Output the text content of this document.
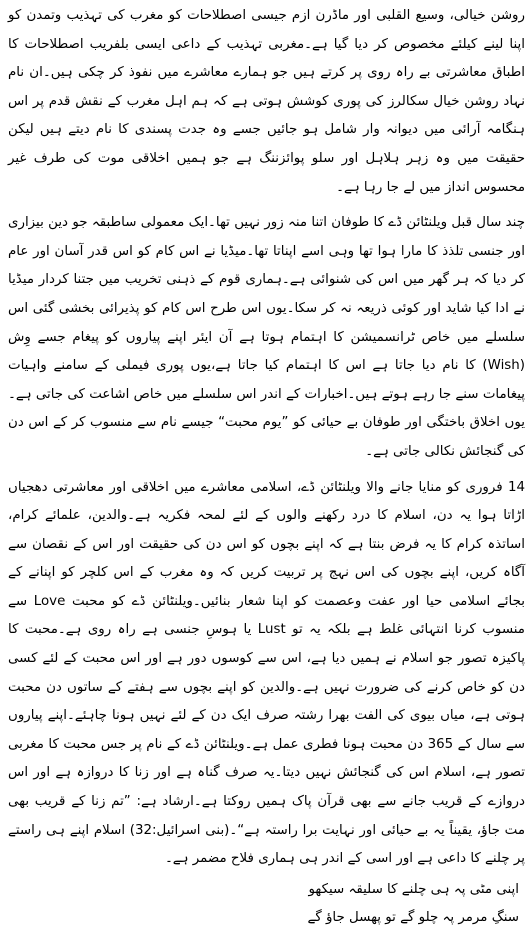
روشن خیالی، وسیع القلبی اور ماڈرن ازم جیسی اصطلاحات کو مغرب کی تہذیب وتمدن کو اپنا لینے کیلئے مخصوص کر دیا گیا ہے۔مغربی تہذیب کے داعی ایسی بلفریب اصطلاحات کا اطباق معاشرتی بے راہ روی پر کرتے ہیں جو ہمارے معاشرے میں نفوذ کر چکی ہیں۔ان نام نہاد روشن خیال سکالرز کی پوری کوشش ہوتی ہے کہ ہم اہل مغرب کے نقش قدم پر اس ہنگامہ آرائی میں دیوانہ وار شامل ہو جائیں جسے وہ جدت پسندی کا نام دیتے ہیں لیکن حقیقت میں وہ زہر ہلاہل اور سلو پوائزننگ ہے جو ہمیں اخلاقی موت کی طرف غیر محسوس انداز میں لے جا رہا ہے۔

چند سال قبل ویلنٹائن ڈے کا طوفان اتنا منہ زور نہیں تھا۔ایک معمولی ساطبقہ جو دین بیزاری اور جنسی تلذذ کا مارا ہوا تھا وہی اسے اپناتا تھا۔میڈیا نے اس کام کو اس قدر آسان اور عام کر دیا کہ ہر گھر میں اس کی شنوائی ہے۔ہماری قوم کے ذہنی تخریب میں جتنا کردار میڈیا نے ادا کیا شاید اور کوئی ذریعہ نہ کر سکا۔یوں اس طرح اس کام کو پذیرائی بخشی گئی اس سلسلے میں خاص ٹرانسمیشن کا اہتمام ہوتا ہے آن ایئر اپنے پیاروں کو پیغام جسے وِش (Wish) کا نام دیا جاتا ہے اس کا اہتمام کیا جاتا ہے،یوں پوری فیملی کے سامنے واہیات پیغامات سنے جا رہے ہوتے ہیں۔اخبارات کے اندر اس سلسلے میں خاص اشاعت کی جاتی ہے۔یوں اخلاق باختگی اور طوفان بے حیائی کو ”یوم محبت“ جیسے نام سے منسوب کر کے اس دن کی گنجائش نکالی جاتی ہے۔

14 فروری کو منایا جانے والا ویلنٹائن ڈے، اسلامی معاشرے میں اخلاقی اور معاشرتی دھجیاں اڑاتا ہوا یہ دن، اسلام کا درد رکھنے والوں کے لئے لمحہ فکریہ ہے۔والدین، علمائے کرام، اساتذہ کرام کا یہ فرض بنتا ہے کہ اپنے بچوں کو اس دن کی حقیقت اور اس کے نقصان سے آگاہ کریں، اپنے بچوں کی اس نہج پر تربیت کریں کہ وہ مغرب کے اس کلچر کو اپنانے کے بجائے اسلامی حیا اور عفت وعصمت کو اپنا شعار بنائیں۔ویلنٹائن ڈے کو محبت Love سے منسوب کرنا انتہائی غلط ہے بلکہ یہ تو Lust یا ہوسِ جنسی ہے راہ روی ہے۔محبت کا پاکیزہ تصور جو اسلام نے ہمیں دیا ہے، اس سے کوسوں دور ہے اور اس محبت کے لئے کسی دن کو خاص کرنے کی ضرورت نہیں ہے۔والدین کو اپنے بچوں سے ہفتے کے ساتوں دن محبت ہوتی ہے، میاں بیوی کی الفت بھرا رشتہ صرف ایک دن کے لئے نہیں ہونا چاہئے۔اپنے پیاروں سے سال کے 365 دن محبت ہونا فطری عمل ہے۔ویلنٹائن ڈے کے نام پر جس محبت کا مغربی تصور ہے، اسلام اس کی گنجائش نہیں دیتا۔یہ صرف گناہ ہے اور زنا کا دروازہ ہے اور اس دروازے کے قریب جانے سے بھی قرآن پاک ہمیں روکتا ہے۔ارشاد ہے: ”تم زنا کے قریب بھی مت جاؤ، یقیناً یہ بے حیائی اور نہایت برا راستہ ہے“۔(بنی اسرائیل:32) اسلام اپنے ہی راستے پر چلنے کا داعی ہے اور اسی کے اندر ہی ہماری فلاح مضمر ہے۔

اپنی مٹی پہ ہی چلنے کا سلیقہ سیکھو
سنگِ مرمر پہ چلو گے تو پھسل جاؤ گے
